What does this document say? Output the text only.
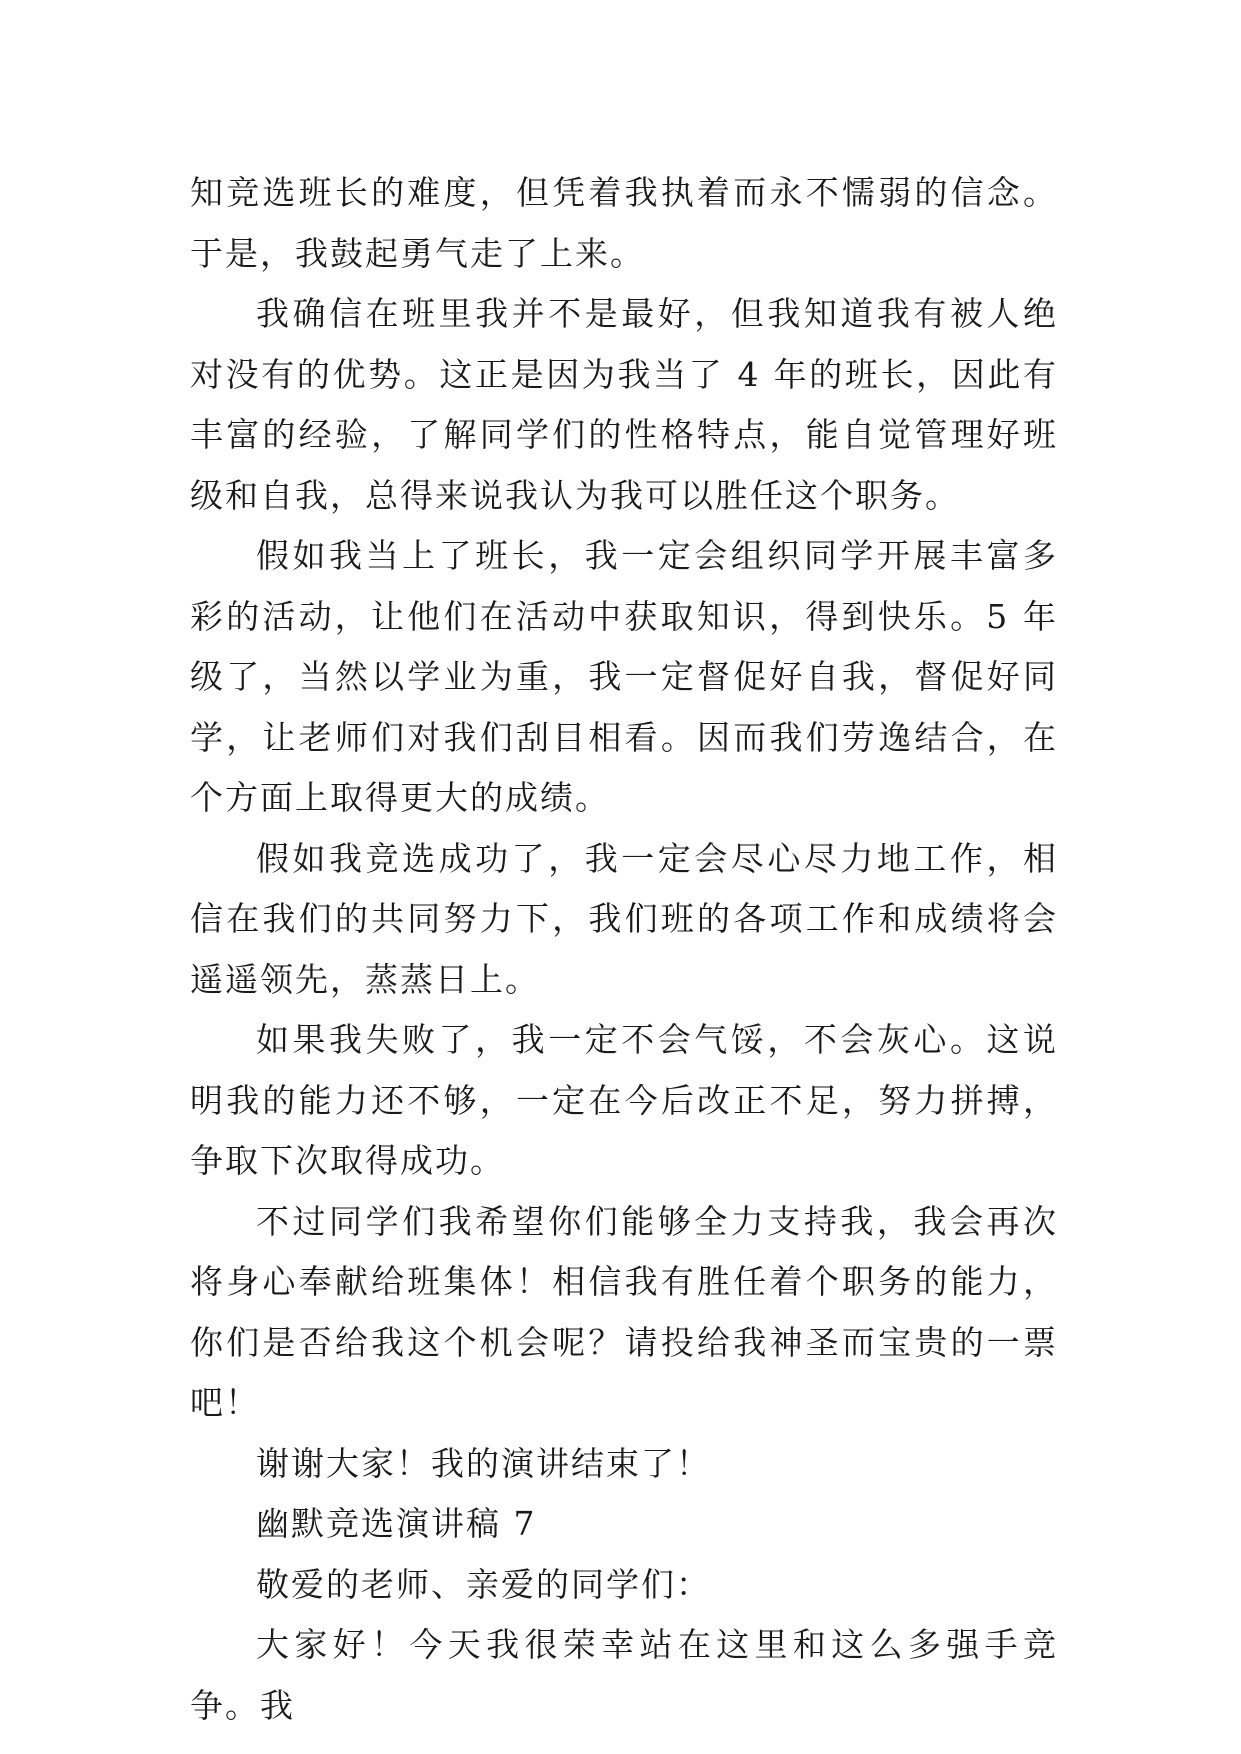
知竞选班长的难度，但凭着我执着而永不懦弱的信念。于是，我鼓起勇气走了上来。

我确信在班里我并不是最好，但我知道我有被人绝对没有的优势。这正是因为我当了 4 年的班长，因此有丰富的经验，了解同学们的性格特点，能自觉管理好班级和自我，总得来说我认为我可以胜任这个职务。

假如我当上了班长，我一定会组织同学开展丰富多彩的活动，让他们在活动中获取知识，得到快乐。5 年级了，当然以学业为重，我一定督促好自我，督促好同学，让老师们对我们刮目相看。因而我们劳逸结合，在个方面上取得更大的成绩。

假如我竞选成功了，我一定会尽心尽力地工作，相信在我们的共同努力下，我们班的各项工作和成绩将会遥遥领先，蒸蒸日上。

如果我失败了，我一定不会气馁，不会灰心。这说明我的能力还不够，一定在今后改正不足，努力拼搏，争取下次取得成功。

不过同学们我希望你们能够全力支持我，我会再次将身心奉献给班集体！相信我有胜任着个职务的能力，你们是否给我这个机会呢？请投给我神圣而宝贵的一票吧！

谢谢大家！我的演讲结束了！

幽默竞选演讲稿 7

敬爱的老师、亲爱的同学们：

大家好！今天我很荣幸站在这里和这么多强手竞争。我
